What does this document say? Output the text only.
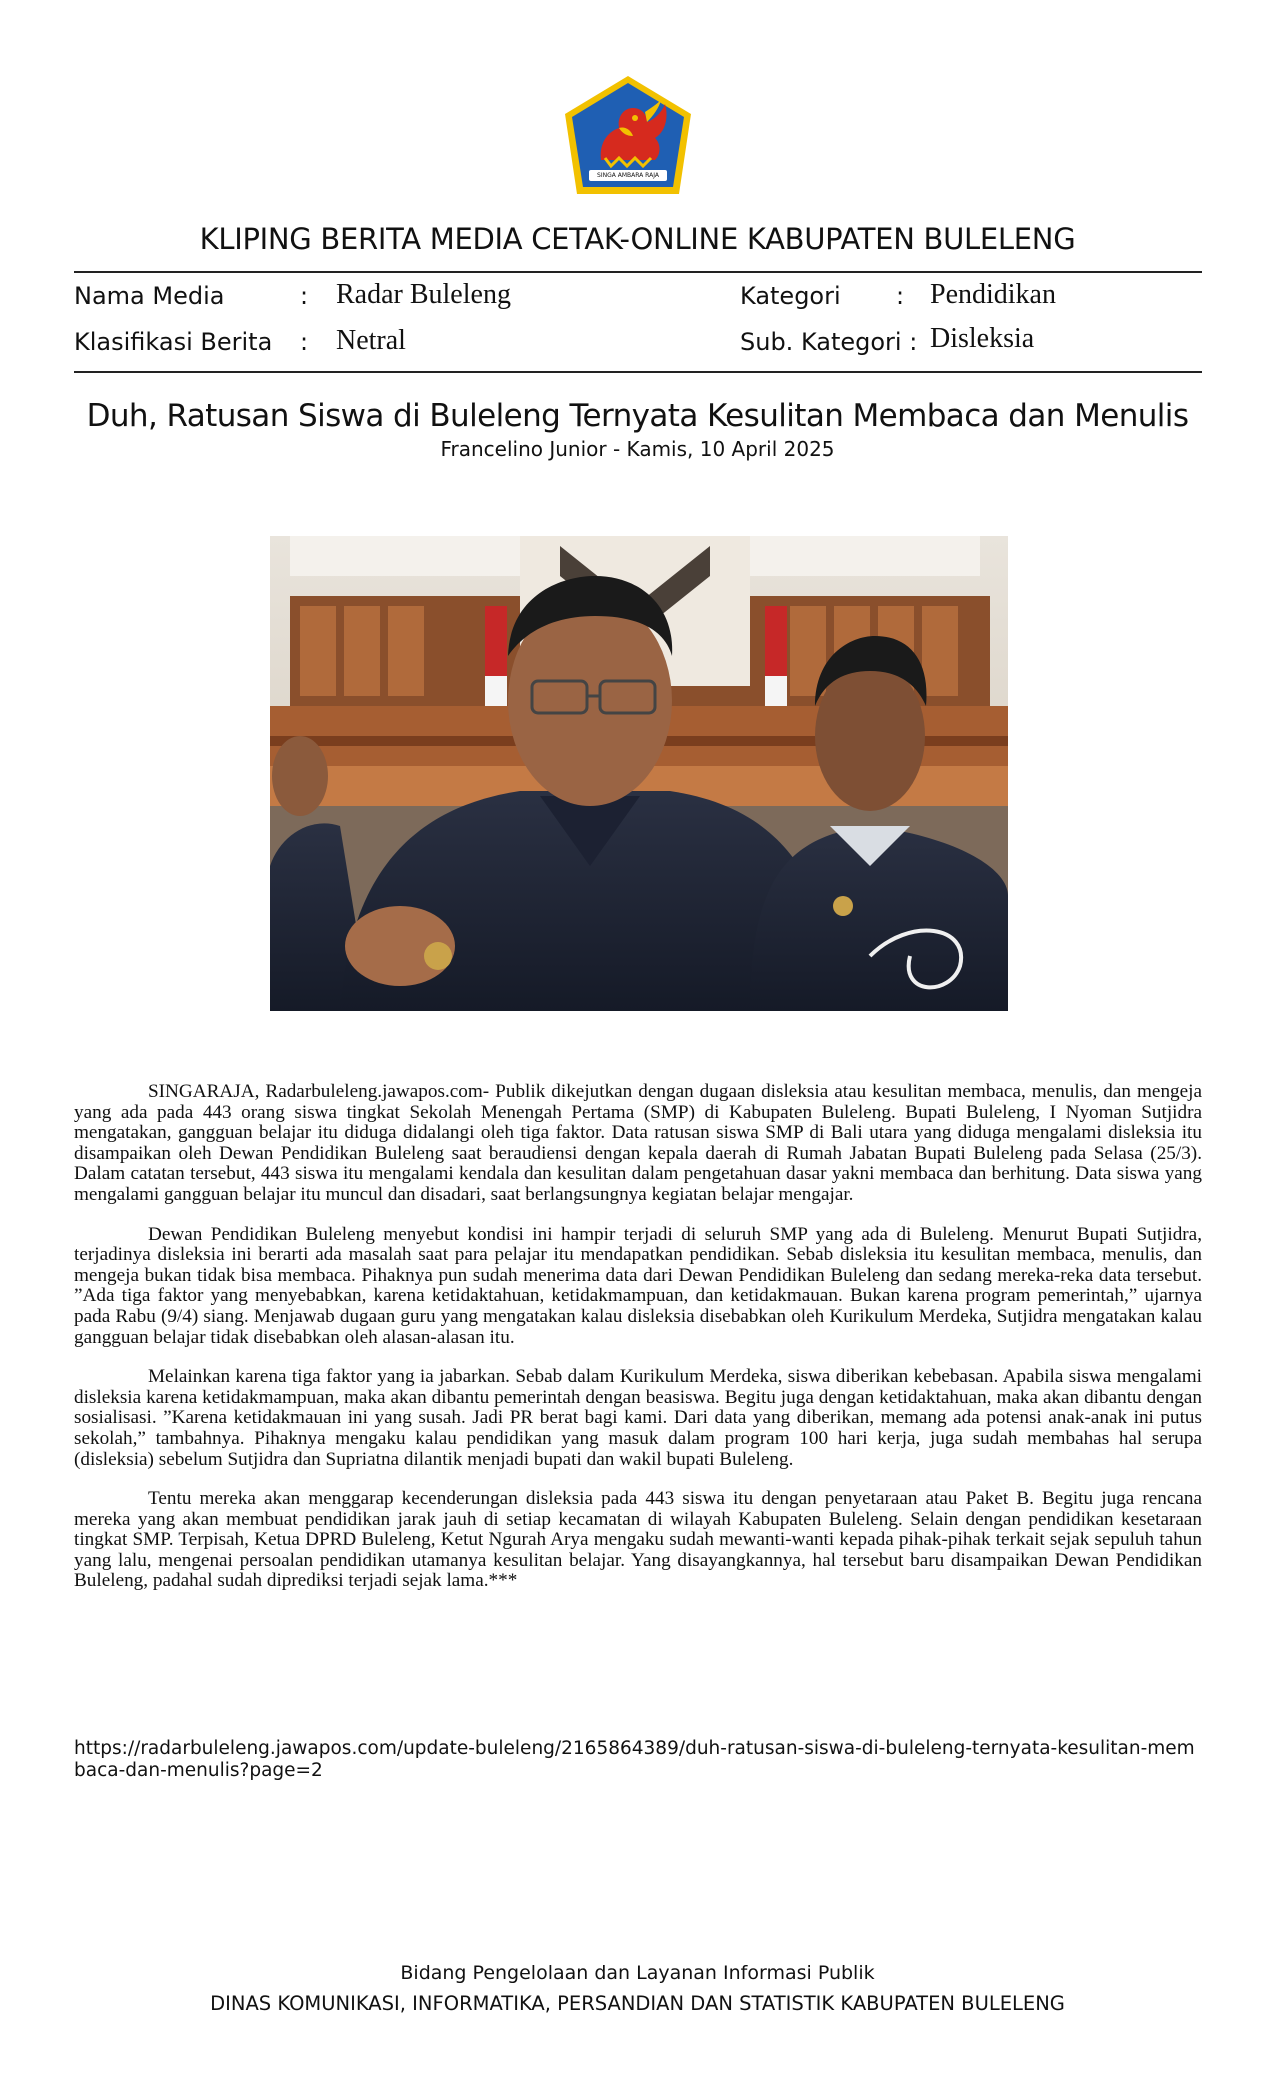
SINGA AMBARA RAJA
KLIPING BERITA MEDIA CETAK-ONLINE KABUPATEN BULELENG
Nama Media	: Radar Buleleng	Kategori : Pendidikan
Klasifikasi Berita : Netral	Sub. Kategori : Disleksia
Duh, Ratusan Siswa di Buleleng Ternyata Kesulitan Membaca dan Menulis
Francelino Junior - Kamis, 10 April 2025

SINGARAJA, Radarbuleleng.jawapos.com- Publik dikejutkan dengan dugaan disleksia atau kesulitan membaca, menulis, dan mengeja yang ada pada 443 orang siswa tingkat Sekolah Menengah Pertama (SMP) di Kabupaten Buleleng. Bupati Buleleng, I Nyoman Sutjidra mengatakan, gangguan belajar itu diduga didalangi oleh tiga faktor. Data ratusan siswa SMP di Bali utara yang diduga mengalami disleksia itu disampaikan oleh Dewan Pendidikan Buleleng saat beraudiensi dengan kepala daerah di Rumah Jabatan Bupati Buleleng pada Selasa (25/3). Dalam catatan tersebut, 443 siswa itu mengalami kendala dan kesulitan dalam pengetahuan dasar yakni membaca dan berhitung. Data siswa yang mengalami gangguan belajar itu muncul dan disadari, saat berlangsungnya kegiatan belajar mengajar.

Dewan Pendidikan Buleleng menyebut kondisi ini hampir terjadi di seluruh SMP yang ada di Buleleng. Menurut Bupati Sutjidra, terjadinya disleksia ini berarti ada masalah saat para pelajar itu mendapatkan pendidikan. Sebab disleksia itu kesulitan membaca, menulis, dan mengeja bukan tidak bisa membaca. Pihaknya pun sudah menerima data dari Dewan Pendidikan Buleleng dan sedang mereka-reka data tersebut. ”Ada tiga faktor yang menyebabkan, karena ketidaktahuan, ketidakmampuan, dan ketidakmauan. Bukan karena program pemerintah,” ujarnya pada Rabu (9/4) siang. Menjawab dugaan guru yang mengatakan kalau disleksia disebabkan oleh Kurikulum Merdeka, Sutjidra mengatakan kalau gangguan belajar tidak disebabkan oleh alasan-alasan itu.

Melainkan karena tiga faktor yang ia jabarkan. Sebab dalam Kurikulum Merdeka, siswa diberikan kebebasan. Apabila siswa mengalami disleksia karena ketidakmampuan, maka akan dibantu pemerintah dengan beasiswa. Begitu juga dengan ketidaktahuan, maka akan dibantu dengan sosialisasi. ”Karena ketidakmauan ini yang susah. Jadi PR berat bagi kami. Dari data yang diberikan, memang ada potensi anak-anak ini putus sekolah,” tambahnya. Pihaknya mengaku kalau pendidikan yang masuk dalam program 100 hari kerja, juga sudah membahas hal serupa (disleksia) sebelum Sutjidra dan Supriatna dilantik menjadi bupati dan wakil bupati Buleleng.

Tentu mereka akan menggarap kecenderungan disleksia pada 443 siswa itu dengan penyetaraan atau Paket B. Begitu juga rencana mereka yang akan membuat pendidikan jarak jauh di setiap kecamatan di wilayah Kabupaten Buleleng. Selain dengan pendidikan kesetaraan tingkat SMP. Terpisah, Ketua DPRD Buleleng, Ketut Ngurah Arya mengaku sudah mewanti-wanti kepada pihak-pihak terkait sejak sepuluh tahun yang lalu, mengenai persoalan pendidikan utamanya kesulitan belajar. Yang disayangkannya, hal tersebut baru disampaikan Dewan Pendidikan Buleleng, padahal sudah diprediksi terjadi sejak lama.***

https://radarbuleleng.jawapos.com/update-buleleng/2165864389/duh-ratusan-siswa-di-buleleng-ternyata-kesulitan-membaca-dan-menulis?page=2
Bidang Pengelolaan dan Layanan Informasi Publik
DINAS KOMUNIKASI, INFORMATIKA, PERSANDIAN DAN STATISTIK KABUPATEN BULELENG
